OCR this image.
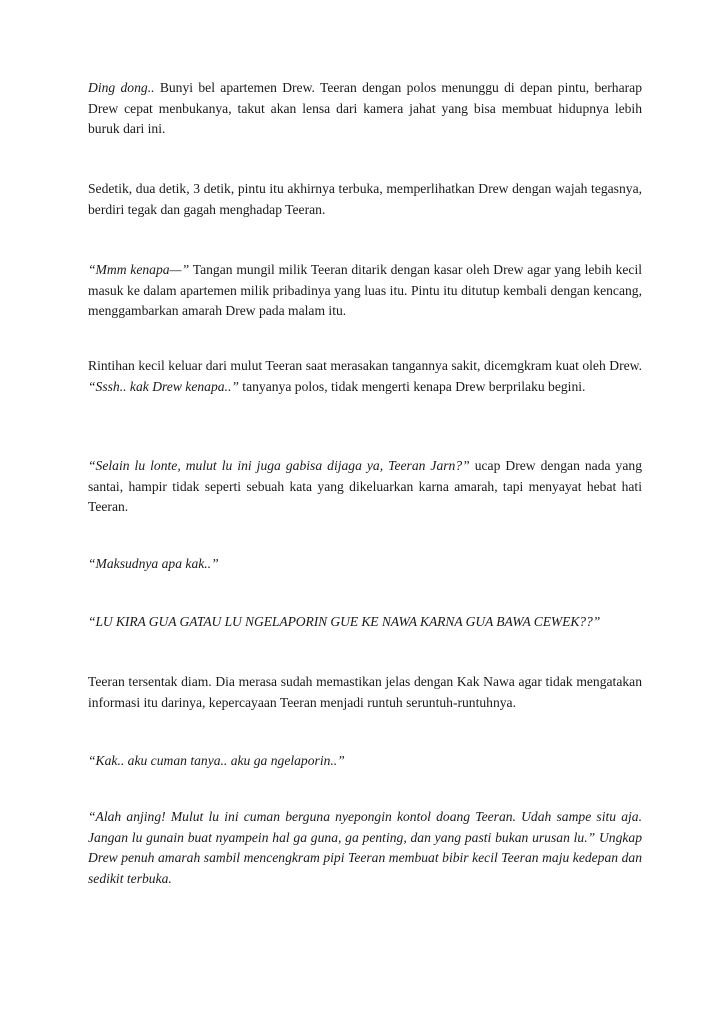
Ding dong.. Bunyi bel apartemen Drew. Teeran dengan polos menunggu di depan pintu, berharap Drew cepat menbukanya, takut akan lensa dari kamera jahat yang bisa membuat hidupnya lebih buruk dari ini.

Sedetik, dua detik, 3 detik, pintu itu akhirnya terbuka, memperlihatkan Drew dengan wajah tegasnya, berdiri tegak dan gagah menghadap Teeran.

“Mmm kenapa—” Tangan mungil milik Teeran ditarik dengan kasar oleh Drew agar yang lebih kecil masuk ke dalam apartemen milik pribadinya yang luas itu. Pintu itu ditutup kembali dengan kencang, menggambarkan amarah Drew pada malam itu.

Rintihan kecil keluar dari mulut Teeran saat merasakan tangannya sakit, dicemgkram kuat oleh Drew. “Sssh.. kak Drew kenapa..” tanyanya polos, tidak mengerti kenapa Drew berprilaku begini.

“Selain lu lonte, mulut lu ini juga gabisa dijaga ya, Teeran Jarn?” ucap Drew dengan nada yang santai, hampir tidak seperti sebuah kata yang dikeluarkan karna amarah, tapi menyayat hebat hati Teeran.

“Maksudnya apa kak..”

“LU KIRA GUA GATAU LU NGELAPORIN GUE KE NAWA KARNA GUA BAWA CEWEK??”

Teeran tersentak diam. Dia merasa sudah memastikan jelas dengan Kak Nawa agar tidak mengatakan informasi itu darinya, kepercayaan Teeran menjadi runtuh seruntuh-runtuhnya.

“Kak.. aku cuman tanya.. aku ga ngelaporin..”

“Alah anjing! Mulut lu ini cuman berguna nyepongin kontol doang Teeran. Udah sampe situ aja. Jangan lu gunain buat nyampein hal ga guna, ga penting, dan yang pasti bukan urusan lu.” Ungkap Drew penuh amarah sambil mencengkram pipi Teeran membuat bibir kecil Teeran maju kedepan dan sedikit terbuka.
